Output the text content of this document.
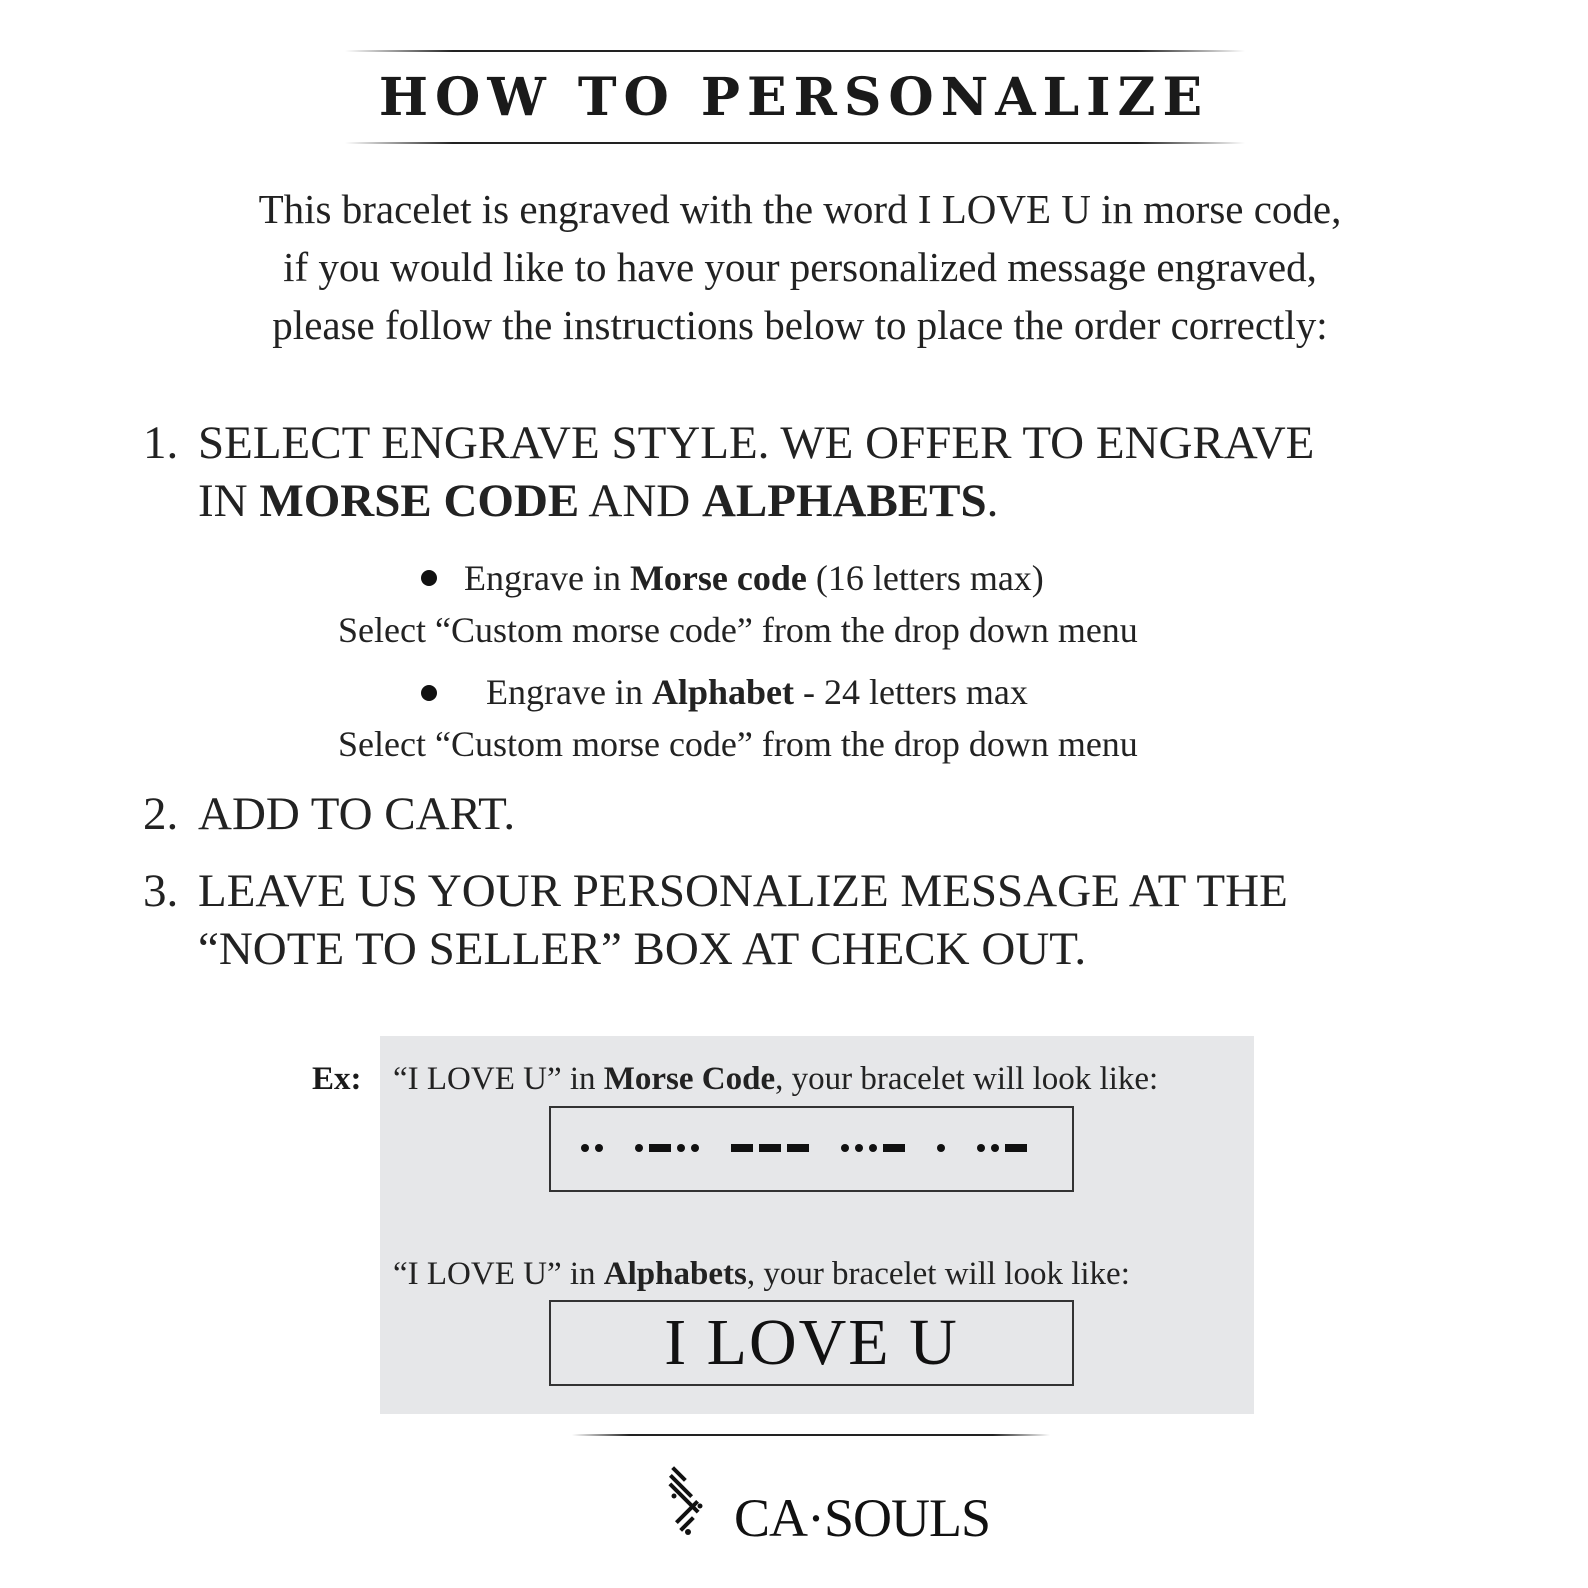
HOW TO PERSONALIZE
This bracelet is engraved with the word I LOVE U in morse code,
if you would like to have your personalized message engraved,
please follow the instructions below to place the order correctly:
1. SELECT ENGRAVE STYLE. WE OFFER TO ENGRAVE
IN MORSE CODE AND ALPHABETS.
Engrave in Morse code (16 letters max)
Select “Custom morse code” from the drop down menu
Engrave in Alphabet - 24 letters max
Select “Custom morse code” from the drop down menu
2. ADD TO CART.
3. LEAVE US YOUR PERSONALIZE MESSAGE AT THE
“NOTE TO SELLER” BOX AT CHECK OUT.
Ex: “I LOVE U” in Morse Code, your bracelet will look like:
“I LOVE U” in Alphabets, your bracelet will look like:
I LOVE U
CA·SOULS
